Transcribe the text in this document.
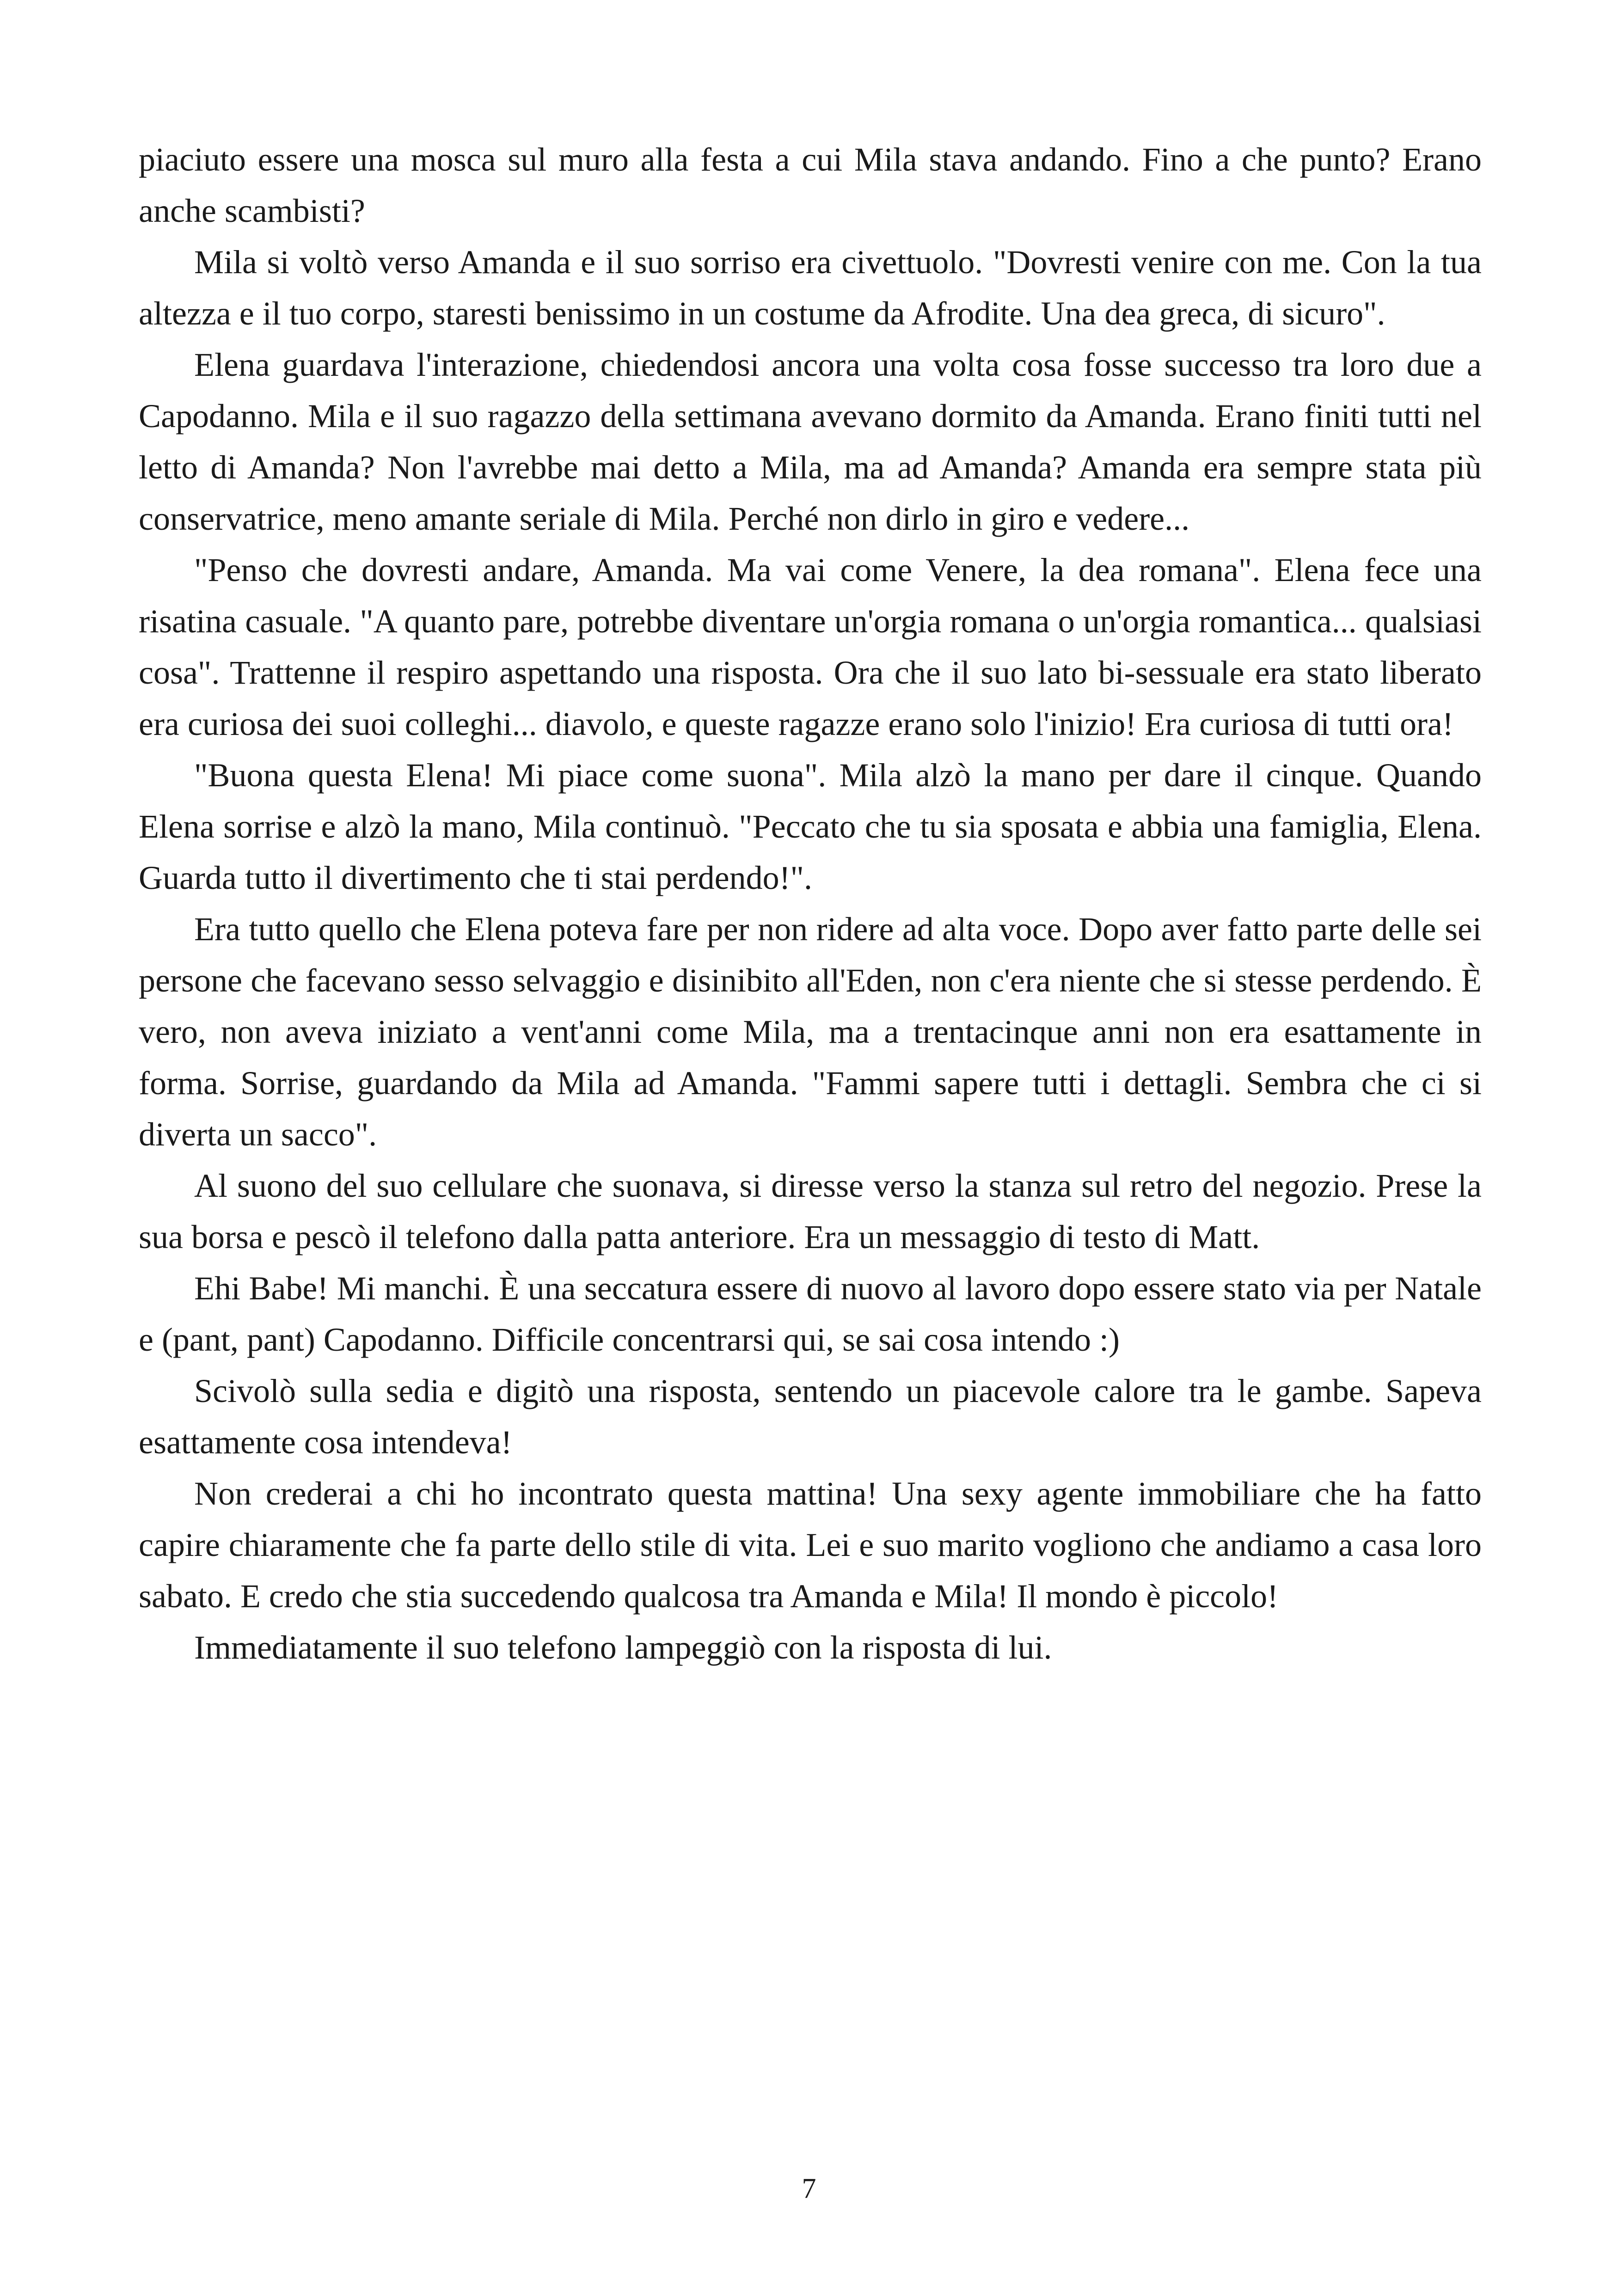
piaciuto essere una mosca sul muro alla festa a cui Mila stava andando. Fino a che punto? Erano anche scambisti?

Mila si voltò verso Amanda e il suo sorriso era civettuolo. "Dovresti venire con me. Con la tua altezza e il tuo corpo, staresti benissimo in un costume da Afrodite. Una dea greca, di sicuro".

Elena guardava l'interazione, chiedendosi ancora una volta cosa fosse successo tra loro due a Capodanno. Mila e il suo ragazzo della settimana avevano dormito da Amanda. Erano finiti tutti nel letto di Amanda? Non l'avrebbe mai detto a Mila, ma ad Amanda? Amanda era sempre stata più conservatrice, meno amante seriale di Mila. Perché non dirlo in giro e vedere...

"Penso che dovresti andare, Amanda. Ma vai come Venere, la dea romana". Elena fece una risatina casuale. "A quanto pare, potrebbe diventare un'orgia romana o un'orgia romantica... qualsiasi cosa". Trattenne il respiro aspettando una risposta. Ora che il suo lato bi-sessuale era stato liberato era curiosa dei suoi colleghi... diavolo, e queste ragazze erano solo l'inizio! Era curiosa di tutti ora!

"Buona questa Elena! Mi piace come suona". Mila alzò la mano per dare il cinque. Quando Elena sorrise e alzò la mano, Mila continuò. "Peccato che tu sia sposata e abbia una famiglia, Elena. Guarda tutto il divertimento che ti stai perdendo!".

Era tutto quello che Elena poteva fare per non ridere ad alta voce. Dopo aver fatto parte delle sei persone che facevano sesso selvaggio e disinibito all'Eden, non c'era niente che si stesse perdendo. È vero, non aveva iniziato a vent'anni come Mila, ma a trentacinque anni non era esattamente in forma. Sorrise, guardando da Mila ad Amanda. "Fammi sapere tutti i dettagli. Sembra che ci si diverta un sacco".

Al suono del suo cellulare che suonava, si diresse verso la stanza sul retro del negozio. Prese la sua borsa e pescò il telefono dalla patta anteriore. Era un messaggio di testo di Matt.

Ehi Babe! Mi manchi. È una seccatura essere di nuovo al lavoro dopo essere stato via per Natale e (pant, pant) Capodanno. Difficile concentrarsi qui, se sai cosa intendo :)

Scivolò sulla sedia e digitò una risposta, sentendo un piacevole calore tra le gambe. Sapeva esattamente cosa intendeva!

Non crederai a chi ho incontrato questa mattina! Una sexy agente immobiliare che ha fatto capire chiaramente che fa parte dello stile di vita. Lei e suo marito vogliono che andiamo a casa loro sabato. E credo che stia succedendo qualcosa tra Amanda e Mila! Il mondo è piccolo!

Immediatamente il suo telefono lampeggiò con la risposta di lui.

7
